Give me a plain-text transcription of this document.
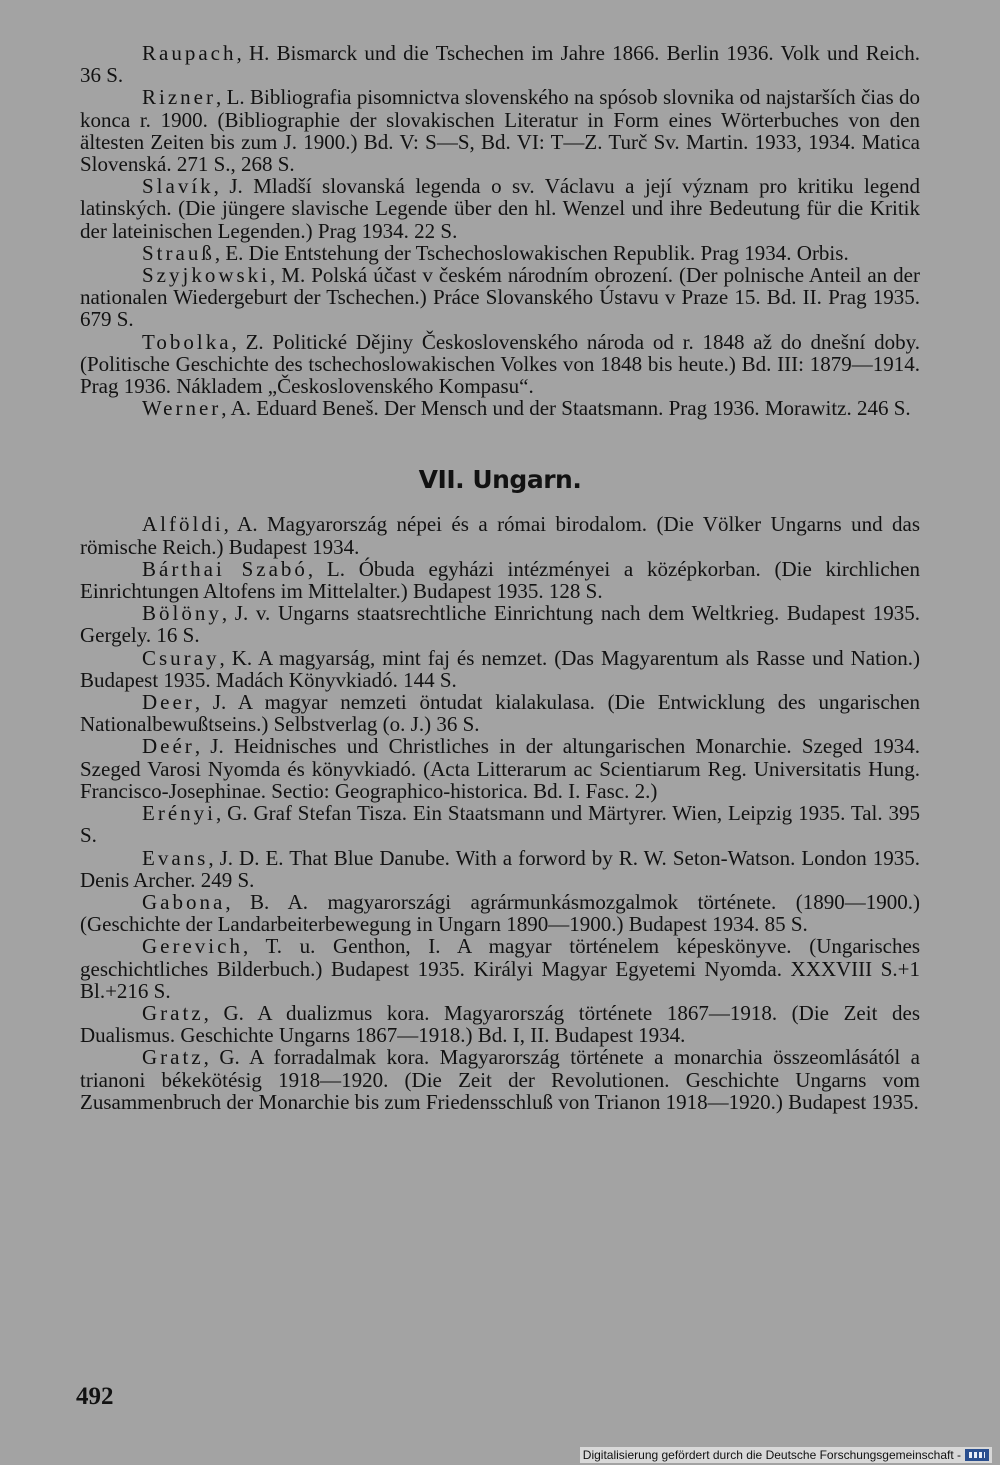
Raupach, H. Bismarck und die Tschechen im Jahre 1866. Berlin 1936. Volk und Reich. 36 S.

Rizner, L. Bibliografia pisomnictva slovenského na spósob slovnika od najstarších čias do konca r. 1900. (Bibliographie der slovakischen Literatur in Form eines Wörterbuches von den ältesten Zeiten bis zum J. 1900.) Bd. V: S—S, Bd. VI: T—Z. Turč Sv. Martin. 1933, 1934. Matica Slovenská. 271 S., 268 S.

Slavík, J. Mladší slovanská legenda o sv. Václavu a její význam pro kritiku legend latinských. (Die jüngere slavische Legende über den hl. Wenzel und ihre Bedeutung für die Kritik der lateinischen Legenden.) Prag 1934. 22 S.

Strauß, E. Die Entstehung der Tschechoslowakischen Republik. Prag 1934. Orbis.

Szyjkowski, M. Polská účast v českém národním obrození. (Der polnische Anteil an der nationalen Wiedergeburt der Tschechen.) Práce Slovanského Ústavu v Praze 15. Bd. II. Prag 1935. 679 S.

Tobolka, Z. Politické Dějiny Československého národa od r. 1848 až do dnešní doby. (Politische Geschichte des tschechoslowakischen Volkes von 1848 bis heute.) Bd. III: 1879—1914. Prag 1936. Nákladem „Československého Kompasu“.

Werner, A. Eduard Beneš. Der Mensch und der Staatsmann. Prag 1936. Morawitz. 246 S.

VII. Ungarn.

Alföldi, A. Magyarország népei és a római birodalom. (Die Völker Ungarns und das römische Reich.) Budapest 1934.

Bárthai Szabó, L. Óbuda egyházi intézményei a középkorban. (Die kirchlichen Einrichtungen Altofens im Mittelalter.) Budapest 1935. 128 S.

Bölöny, J. v. Ungarns staatsrechtliche Einrichtung nach dem Weltkrieg. Budapest 1935. Gergely. 16 S.

Csuray, K. A magyarság, mint faj és nemzet. (Das Magyarentum als Rasse und Nation.) Budapest 1935. Madách Könyvkiadó. 144 S.

Deer, J. A magyar nemzeti öntudat kialakulasa. (Die Entwicklung des ungarischen Nationalbewußtseins.) Selbstverlag (o. J.) 36 S.

Deér, J. Heidnisches und Christliches in der altungarischen Monarchie. Szeged 1934. Szeged Varosi Nyomda és könyvkiadó. (Acta Litterarum ac Scientiarum Reg. Universitatis Hung. Francisco-Josephinae. Sectio: Geographico-historica. Bd. I. Fasc. 2.)

Erényi, G. Graf Stefan Tisza. Ein Staatsmann und Märtyrer. Wien, Leipzig 1935. Tal. 395 S.

Evans, J. D. E. That Blue Danube. With a forword by R. W. Seton-Watson. London 1935. Denis Archer. 249 S.

Gabona, B. A. magyarországi agrármunkásmozgalmok története. (1890—1900.) (Geschichte der Landarbeiterbewegung in Ungarn 1890—1900.) Budapest 1934. 85 S.

Gerevich, T. u. Genthon, I. A magyar történelem képeskönyve. (Ungarisches geschichtliches Bilderbuch.) Budapest 1935. Királyi Magyar Egyetemi Nyomda. XXXVIII S.+1 Bl.+216 S.

Gratz, G. A dualizmus kora. Magyarország története 1867—1918. (Die Zeit des Dualismus. Geschichte Ungarns 1867—1918.) Bd. I, II. Budapest 1934.

Gratz, G. A forradalmak kora. Magyarország története a monarchia összeomlásától a trianoni békekötésig 1918—1920. (Die Zeit der Revolutionen. Geschichte Ungarns vom Zusammenbruch der Monarchie bis zum Friedensschluß von Trianon 1918—1920.) Budapest 1935.

492
Digitalisierung gefördert durch die Deutsche Forschungsgemeinschaft -
